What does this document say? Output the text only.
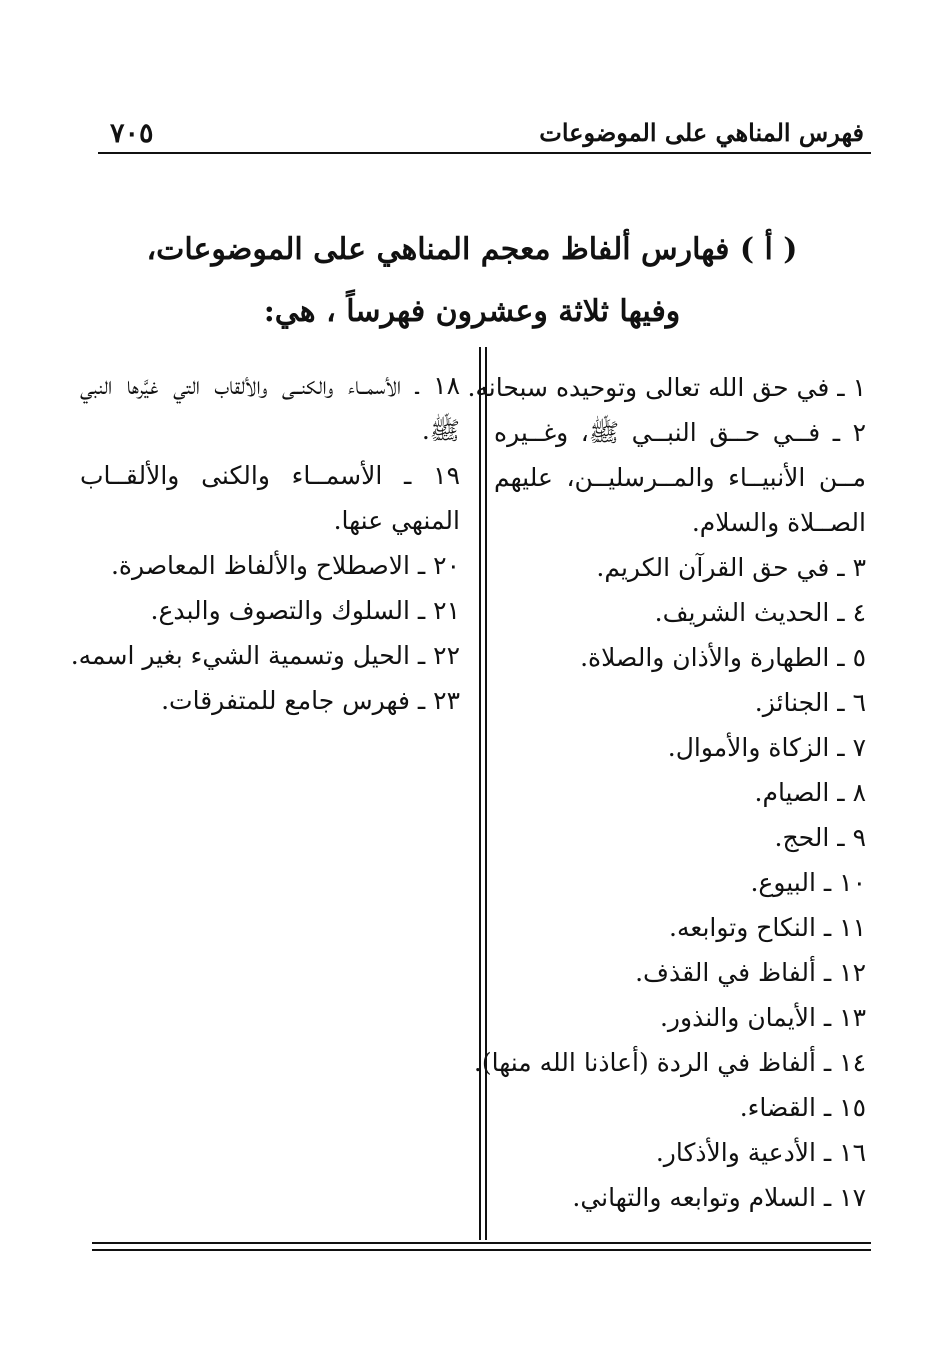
٧٠٥	فهرس المناهي على الموضوعات
( أ ) فهارس ألفاظ معجم المناهي على الموضوعات،
وفيها ثلاثة وعشرون فهرساً ، هي:
١ ـ في حق الله تعالى وتوحيده سبحانه.
٢ ـ فــي حــق النبــي ﷺ، وغــيره مــن الأنبيــاء والمــرسليــن، عليهم الصــلاة والسلام.
٣ ـ في حق القرآن الكريم.
٤ ـ الحديث الشريف.
٥ ـ الطهارة والأذان والصلاة.
٦ ـ الجنائز.
٧ ـ الزكاة والأموال.
٨ ـ الصيام.
٩ ـ الحج.
١٠ ـ البيوع.
١١ ـ النكاح وتوابعه.
١٢ ـ ألفاظ في القذف.
١٣ ـ الأيمان والنذور.
١٤ ـ ألفاظ في الردة (أعاذنا الله منها).
١٥ ـ القضاء.
١٦ ـ الأدعية والأذكار.
١٧ ـ السلام وتوابعه والتهاني.
١٨ ـ الأسمــاء والكنــى والألقاب التي غيَّرها النبي ﷺ.
١٩ ـ الأسمــاء والكنى والألقــاب المنهي عنها.
٢٠ ـ الاصطلاح والألفاظ المعاصرة.
٢١ ـ السلوك والتصوف والبدع.
٢٢ ـ الحيل وتسمية الشيء بغير اسمه.
٢٣ ـ فهرس جامع للمتفرقات.
